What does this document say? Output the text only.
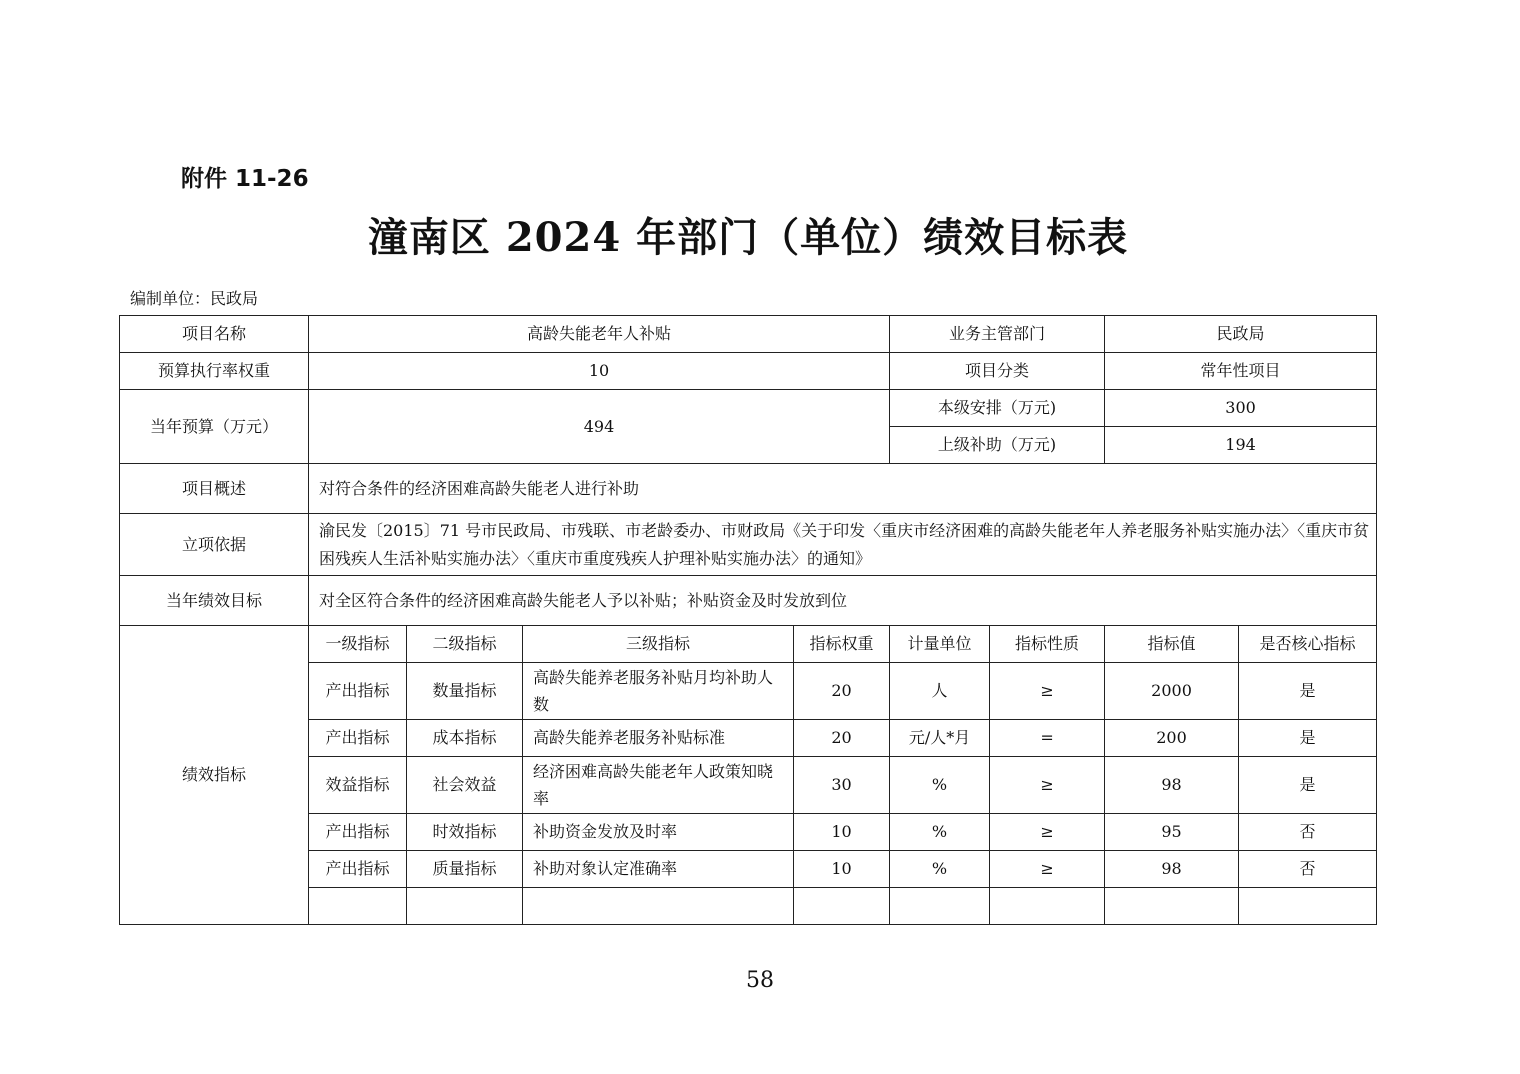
附件 11-26
潼南区 2024 年部门（单位）绩效目标表
编制单位：民政局
项目名称	高龄失能老年人补贴				业务主管部门		民政局	
预算执行率权重	10				项目分类		常年性项目	
当年预算（万元）	494				本级安排（万元)		300	
					上级补助（万元)		194	
项目概述	对符合条件的经济困难高龄失能老人进行补助							
立项依据	渝民发〔2015〕71 号市民政局、市残联、市老龄委办、市财政局《关于印发〈重庆市经济困难的高龄失能老年人养老服务补贴实施办法〉〈重庆市贫困残疾人生活补贴实施办法〉〈重庆市重度残疾人护理补贴实施办法〉的通知》							
当年绩效目标	对全区符合条件的经济困难高龄失能老人予以补贴；补贴资金及时发放到位							
绩效指标	一级指标	二级指标	三级指标	指标权重	计量单位	指标性质	指标值	是否核心指标
	产出指标	数量指标	高龄失能养老服务补贴月均补助人数	20	人	≥	2000	是
	产出指标	成本指标	高龄失能养老服务补贴标准	20	元/人*月	=	200	是
	效益指标	社会效益	经济困难高龄失能老年人政策知晓率	30	%	≥	98	是
	产出指标	时效指标	补助资金发放及时率	10	%	≥	95	否
	产出指标	质量指标	补助对象认定准确率	10	%	≥	98	否

58
